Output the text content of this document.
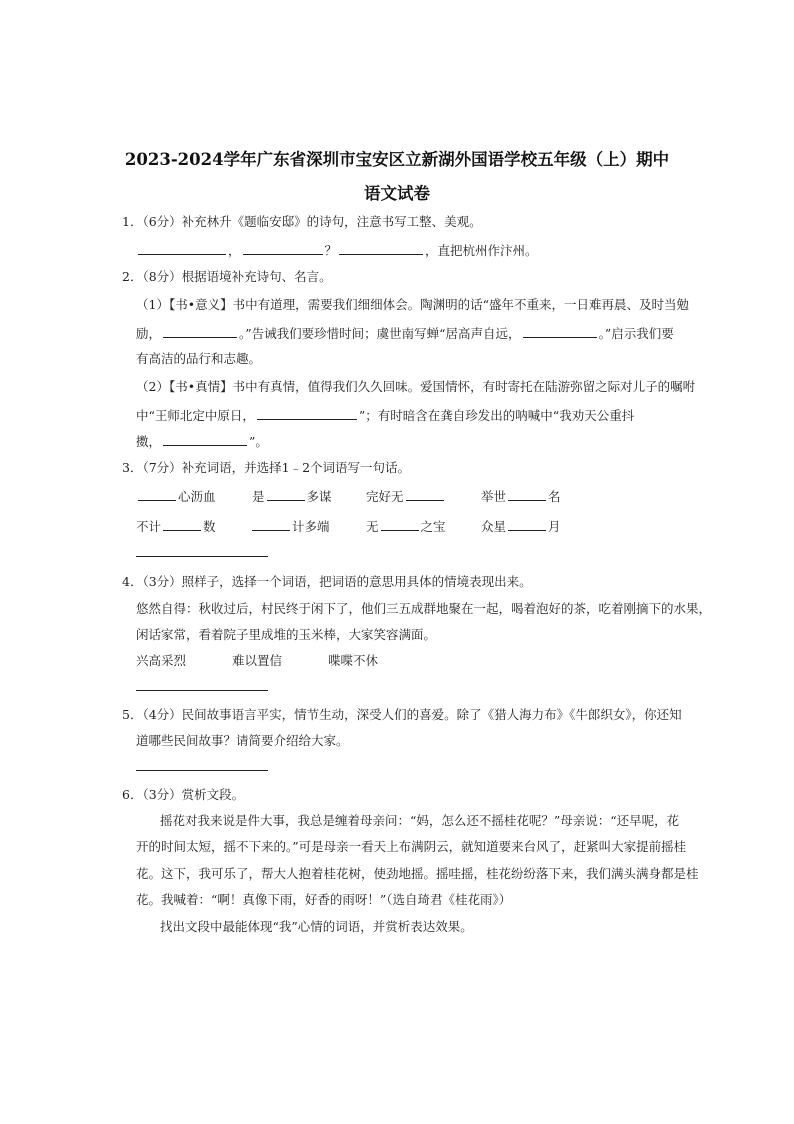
2023-2024学年广东省深圳市宝安区立新湖外国语学校五年级（上）期中
语文试卷
1．（6分）补充林升《题临安邸》的诗句，注意书写工整、美观。
，	？	，直把杭州作汴州。
2．（8分）根据语境补充诗句、名言。
（1）【书•意义】书中有道理，需要我们细细体会。陶渊明的话“盛年不重来，一日难再晨、及时当勉
励，	。”告诫我们要珍惜时间；虞世南写蝉“居高声自远，	。”启示我们要
有高洁的品行和志趣。
（2）【书•真情】书中有真情，值得我们久久回味。爱国情怀，有时寄托在陆游弥留之际对儿子的嘱咐
中“王师北定中原日，	”；有时暗含在龚自珍发出的呐喊中“我劝天公重抖
擞，	”。
3．（7分）补充词语，并选择1﹣2个词语写一句话。
心沥血	是	多谋	完好无	举世	名
不计	数	计多端	无	之宝	众星	月
4．（3分）照样子，选择一个词语，把词语的意思用具体的情境表现出来。
悠然自得：秋收过后，村民终于闲下了，他们三五成群地聚在一起，喝着泡好的茶，吃着刚摘下的水果，
闲话家常，看着院子里成堆的玉米棒，大家笑容满面。
兴高采烈	难以置信	喋喋不休
5．（4分）民间故事语言平实，情节生动，深受人们的喜爱。除了《猎人海力布》《牛郎织女》，你还知
道哪些民间故事？请简要介绍给大家。
6．（3分）赏析文段。
摇花对我来说是件大事，我总是缠着母亲问：“妈，怎么还不摇桂花呢？”母亲说：“还早呢，花
开的时间太短，摇不下来的。”可是母亲一看天上布满阴云，就知道要来台风了，赶紧叫大家提前摇桂
花。这下，我可乐了，帮大人抱着桂花树，使劲地摇。摇哇摇，桂花纷纷落下来，我们满头满身都是桂
花。我喊着：“啊！真像下雨，好香的雨呀！”（选自琦君《桂花雨》）
找出文段中最能体现“我”心情的词语，并赏析表达效果。
